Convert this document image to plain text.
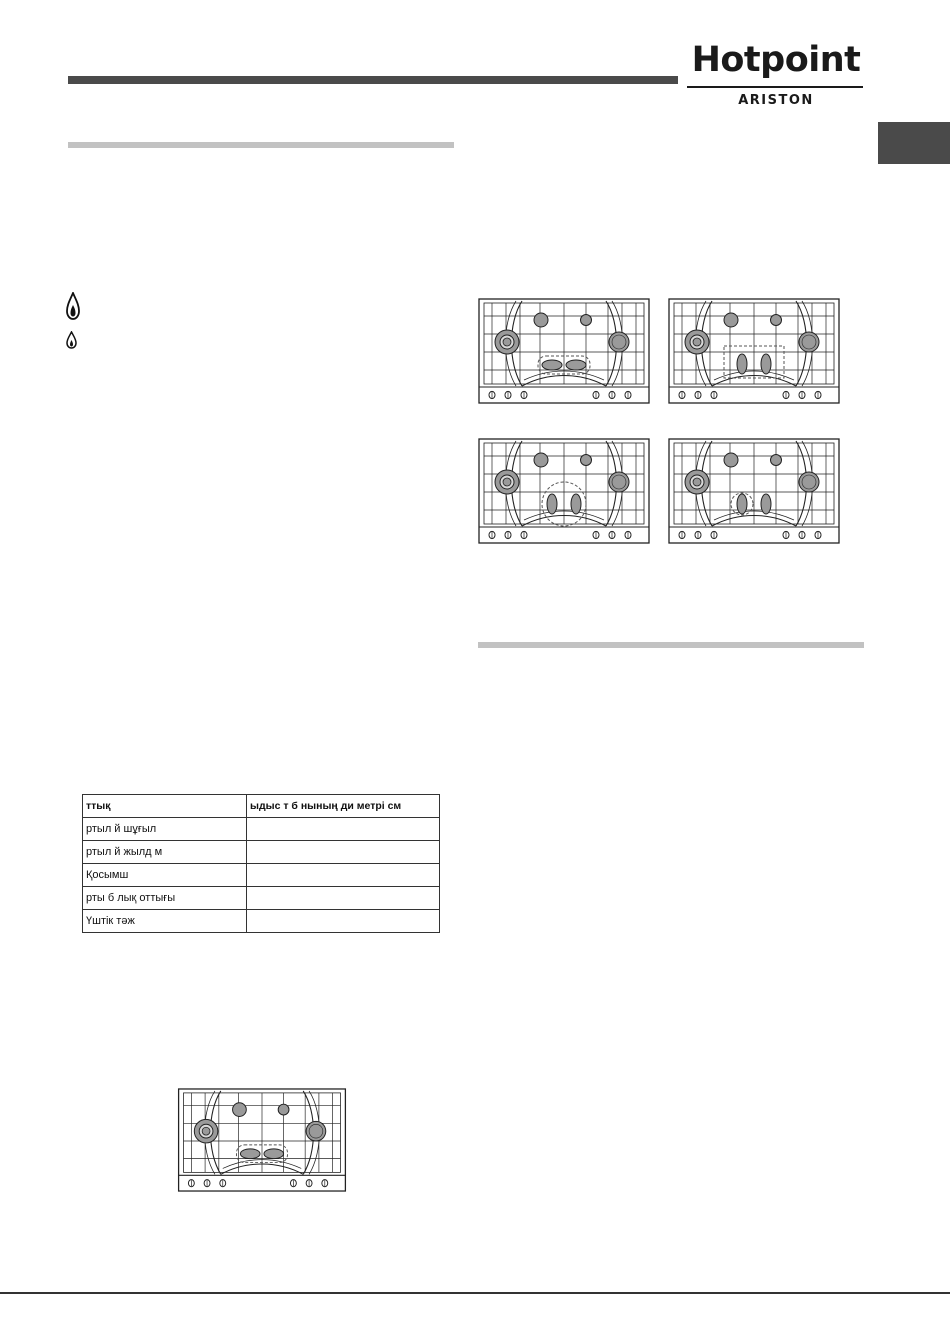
Hotpoint
ARISTON
ттық	ыдыс т б нының ди метрі см
ртыл й шұғыл	
ртыл й жылд м	
Қосымш	
рты б лық оттығы	
Үштік тәж	
